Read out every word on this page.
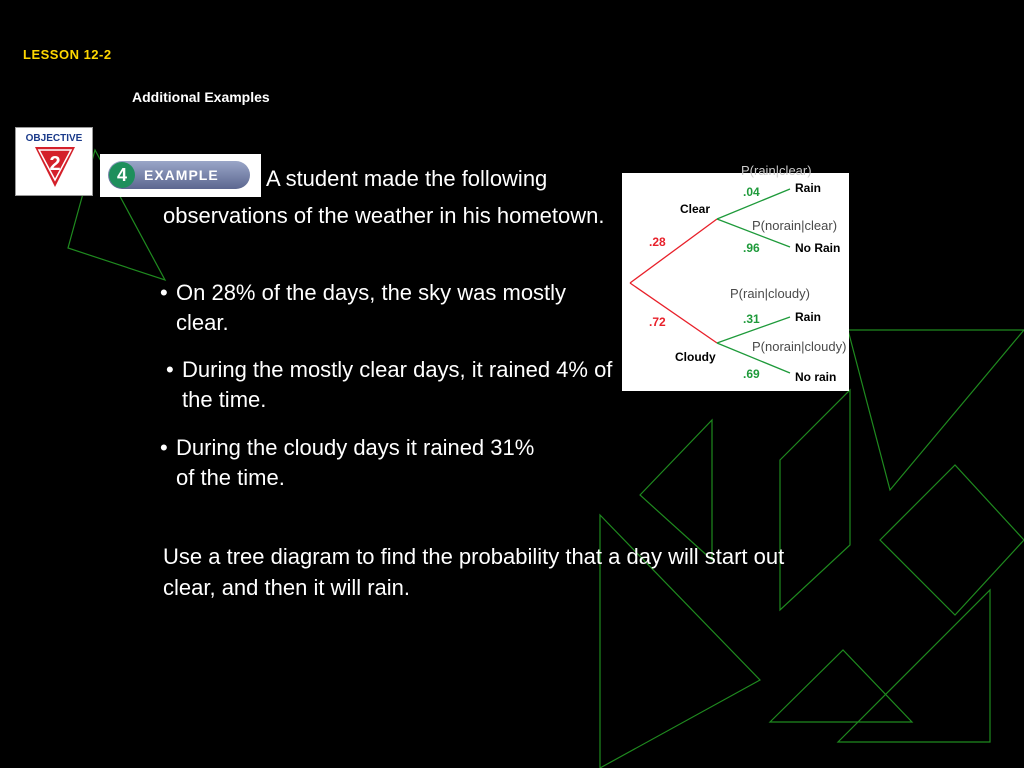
LESSON 12-2
Additional Examples
OBJECTIVE
2	4	EXAMPLE	A student made the following observations of the weather in his hometown.
• On 28% of the days, the sky was mostly clear.
• During the mostly clear days, it rained 4% of the time.
• During the cloudy days it rained 31% of the time.
Use a tree diagram to find the probability that a day will start out clear, and then it will rain.
Clear
Cloudy
.28
.72
.04
.96
.31
.69
Rain
No Rain
Rain
No rain
P(rain|clear)
P(norain|clear)
P(rain|cloudy)
P(norain|cloudy)
